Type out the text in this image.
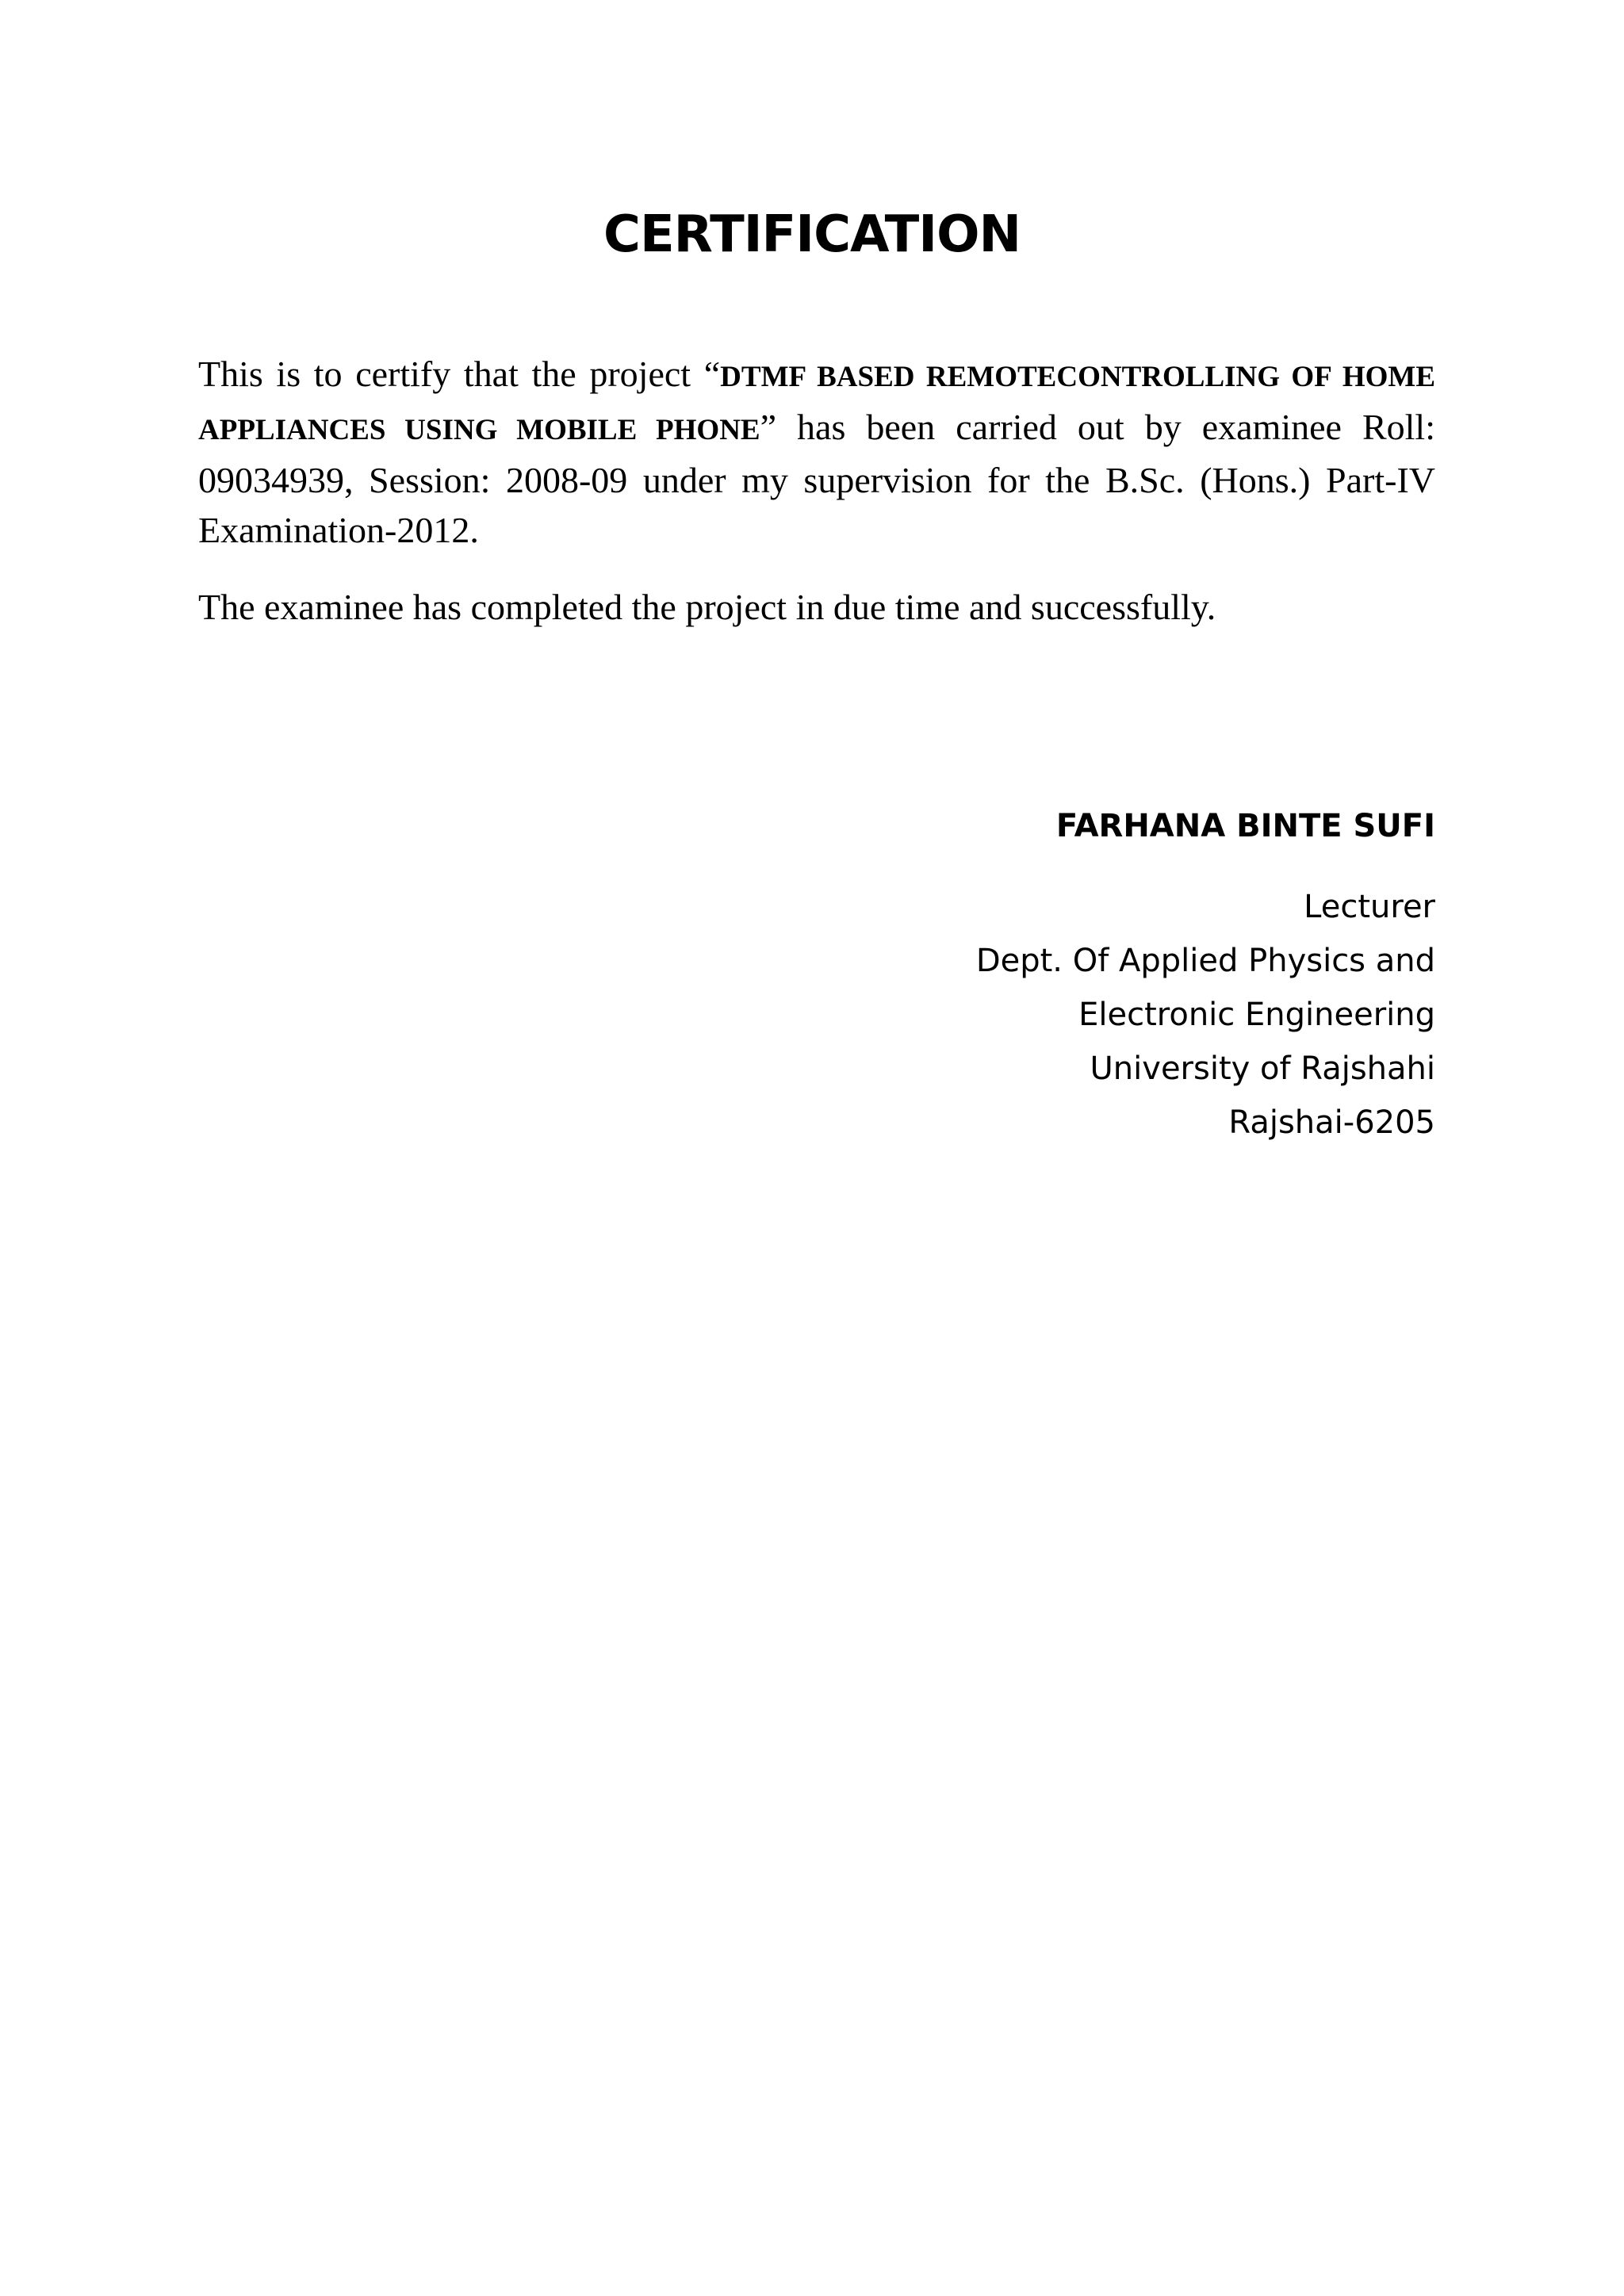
CERTIFICATION

This is to certify that the project “DTMF BASED REMOTECONTROLLING OF HOME APPLIANCES USING MOBILE PHONE” has been carried out by examinee Roll: 09034939, Session: 2008-09 under my supervision for the B.Sc. (Hons.) Part-IV Examination-2012.

The examinee has completed the project in due time and successfully.

FARHANA BINTE SUFI
Lecturer
Dept. Of Applied Physics and
Electronic Engineering
University of Rajshahi
Rajshai-6205
